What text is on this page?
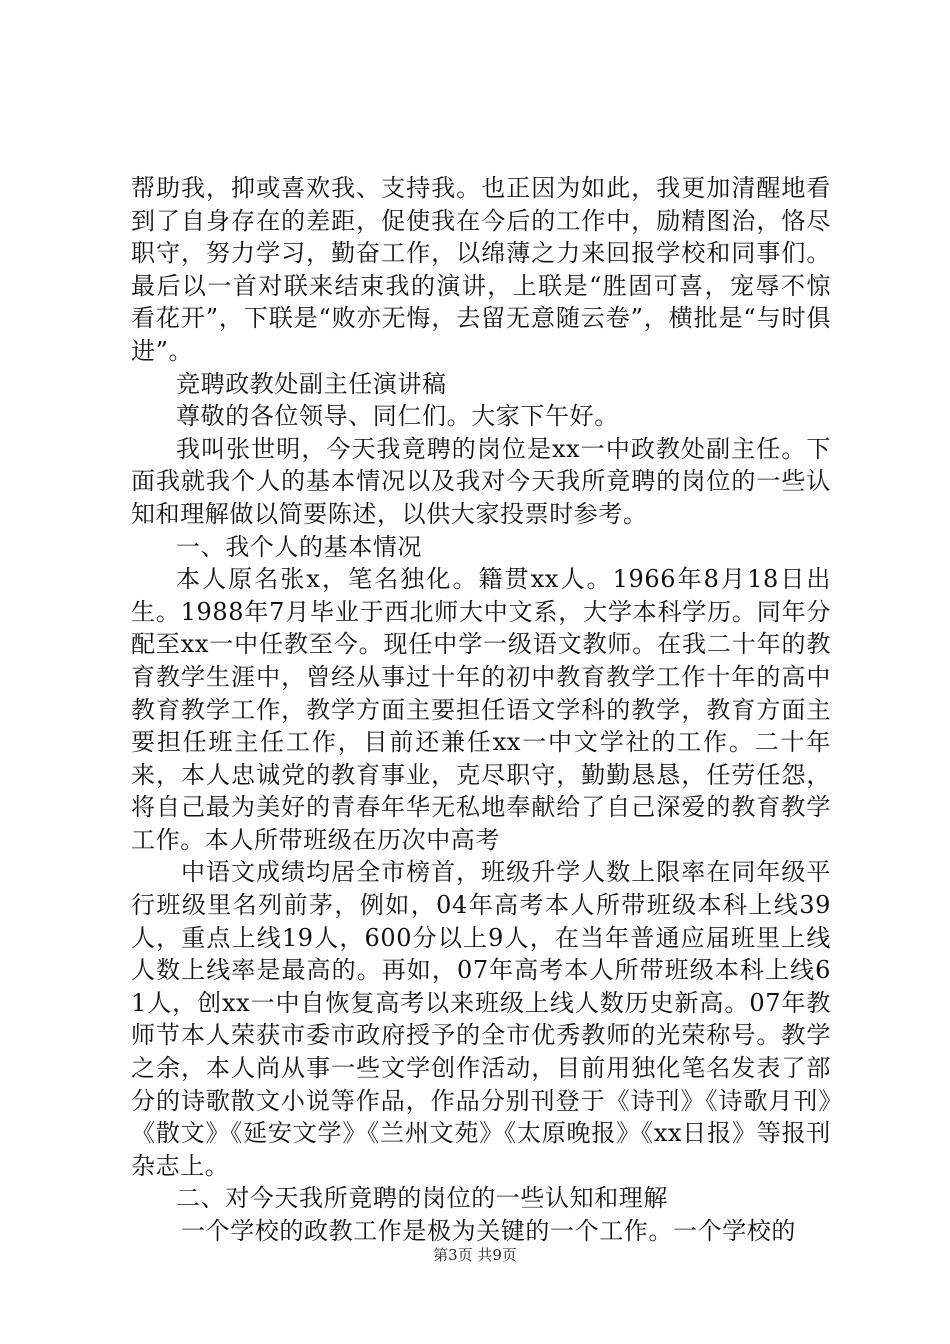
帮助我，抑或喜欢我、支持我。也正因为如此，我更加清醒地看到了自身存在的差距，促使我在今后的工作中，励精图治，恪尽职守，努力学习，勤奋工作，以绵薄之力来回报学校和同事们。最后以一首对联来结束我的演讲，上联是“胜固可喜，宠辱不惊看花开”，下联是“败亦无悔，去留无意随云卷”，横批是“与时俱进”。

竞聘政教处副主任演讲稿

尊敬的各位领导、同仁们。大家下午好。

我叫张世明，今天我竟聘的岗位是xx一中政教处副主任。下面我就我个人的基本情况以及我对今天我所竟聘的岗位的一些认知和理解做以简要陈述，以供大家投票时参考。

一、我个人的基本情况

本人原名张x，笔名独化。籍贯xx人。1966年8月18日出生。1988年7月毕业于西北师大中文系，大学本科学历。同年分配至xx一中任教至今。现任中学一级语文教师。在我二十年的教育教学生涯中，曾经从事过十年的初中教育教学工作十年的高中教育教学工作，教学方面主要担任语文学科的教学，教育方面主要担任班主任工作，目前还兼任xx一中文学社的工作。二十年来，本人忠诚党的教育事业，克尽职守，勤勤恳恳，任劳任怨，将自己最为美好的青春年华无私地奉献给了自己深爱的教育教学工作。本人所带班级在历次中高考

中语文成绩均居全市榜首，班级升学人数上限率在同年级平行班级里名列前茅，例如，04年高考本人所带班级本科上线39人，重点上线19人，600分以上9人，在当年普通应届班里上线人数上线率是最高的。再如，07年高考本人所带班级本科上线61人，创xx一中自恢复高考以来班级上线人数历史新高。07年教师节本人荣获市委市政府授予的全市优秀教师的光荣称号。教学之余，本人尚从事一些文学创作活动，目前用独化笔名发表了部分的诗歌散文小说等作品，作品分别刊登于《诗刊》《诗歌月刊》《散文》《延安文学》《兰州文苑》《太原晚报》《xx日报》等报刊杂志上。

二、对今天我所竟聘的岗位的一些认知和理解

一个学校的政教工作是极为关键的一个工作。一个学校的

第3页 共9页
